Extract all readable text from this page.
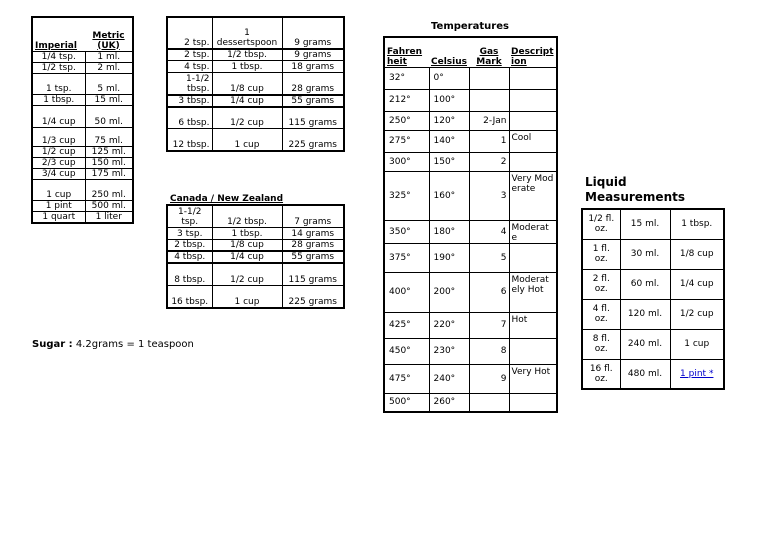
Imperial	Metric (UK)
1/4 tsp.	1 ml.
1/2 tsp.	2 ml.
1 tsp.	5 ml.
1 tbsp.	15 ml.
1/4 cup	50 ml.
1/3 cup	75 ml.
1/2 cup	125 ml.
2/3 cup	150 ml.
3/4 cup	175 ml.
1 cup	250 ml.
1 pint	500 ml.
1 quart	1 liter
2 tsp.	1 dessertspoon	9 grams
2 tsp.	1/2 tbsp.	9 grams
4 tsp.	1 tbsp.	18 grams
1-1/2 tbsp.	1/8 cup	28 grams
3 tbsp.	1/4 cup	55 grams
6 tbsp.	1/2 cup	115 grams
12 tbsp.	1 cup	225 grams
Canada / New Zealand
1-1/2 tsp.	1/2 tbsp.	7 grams
3 tsp.	1 tbsp.	14 grams
2 tbsp.	1/8 cup	28 grams
4 tbsp.	1/4 cup	55 grams
8 tbsp.	1/2 cup	115 grams
16 tbsp.	1 cup	225 grams
Temperatures
Fahrenheit	Celsius	Gas Mark	Description
32°	0°		
212°	100°		
250°	120°	2-Jan	
275°	140°	1	Cool
300°	150°	2	
325°	160°	3	Very Moderate
350°	180°	4	Moderate
375°	190°	5	
400°	200°	6	Moderately Hot
425°	220°	7	Hot
450°	230°	8	
475°	240°	9	Very Hot
500°	260°		
Liquid Measurements
1/2 fl. oz.	15 ml.	1 tbsp.
1 fl. oz.	30 ml.	1/8 cup
2 fl. oz.	60 ml.	1/4 cup
4 fl. oz.	120 ml.	1/2 cup
8 fl. oz.	240 ml.	1 cup
16 fl. oz.	480 ml.	1 pint *
Sugar : 4.2grams = 1 teaspoon
